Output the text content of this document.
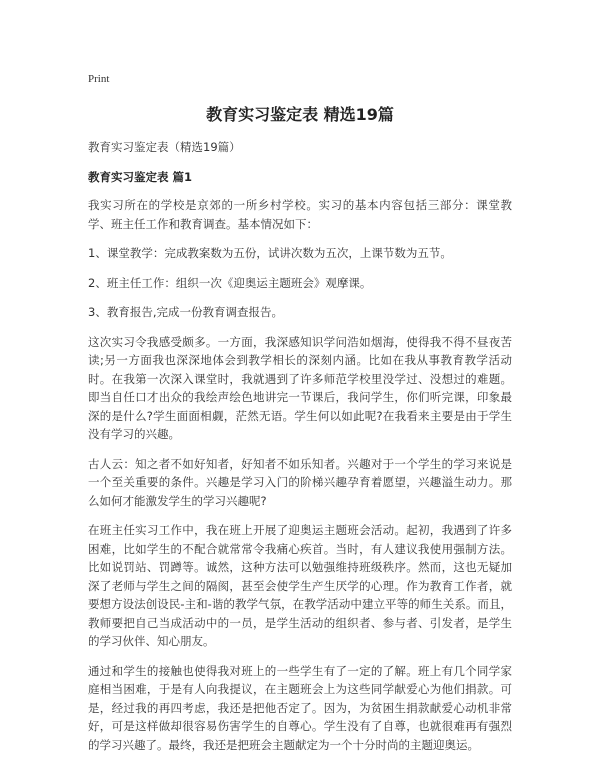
Print
教育实习鉴定表 精选19篇

教育实习鉴定表（精选19篇）

教育实习鉴定表 篇1

我实习所在的学校是京郊的一所乡村学校。实习的基本内容包括三部分：课堂教学、班主任工作和教育调查。基本情况如下：

1、课堂教学：完成教案数为五份，试讲次数为五次，上课节数为五节。

2、班主任工作：组织一次《迎奥运主题班会》观摩课。

3、教育报告,完成一份教育调查报告。

这次实习令我感受颇多。一方面，我深感知识学问浩如烟海，使得我不得不昼夜苦读;另一方面我也深深地体会到教学相长的深刻内涵。比如在我从事教育教学活动时。在我第一次深入课堂时，我就遇到了许多师范学校里没学过、没想过的难题。即当自任口才出众的我绘声绘色地讲完一节课后，我问学生，你们听完课，印象最深的是什么?学生面面相觑，茫然无语。学生何以如此呢?在我看来主要是由于学生没有学习的兴趣。

古人云：知之者不如好知者，好知者不如乐知者。兴趣对于一个学生的学习来说是一个至关重要的条件。兴趣是学习入门的阶梯兴趣孕育着愿望，兴趣溢生动力。那么如何才能激发学生的学习兴趣呢?

在班主任实习工作中，我在班上开展了迎奥运主题班会活动。起初，我遇到了许多困难，比如学生的不配合就常常令我痛心疾首。当时，有人建议我使用强制方法。比如说罚站、罚蹲等。诚然，这种方法可以勉强维持班级秩序。然而，这也无疑加深了老师与学生之间的隔阂，甚至会使学生产生厌学的心理。作为教育工作者，就要想方设法创设民-主和-谐的教学气氛，在教学活动中建立平等的师生关系。而且，教师要把自己当成活动中的一员，是学生活动的组织者、参与者、引发者，是学生的学习伙伴、知心朋友。

通过和学生的接触也使得我对班上的一些学生有了一定的了解。班上有几个同学家庭相当困难，于是有人向我提议，在主题班会上为这些同学献爱心为他们捐款。可是，经过我的再四考虑，我还是把他否定了。因为，为贫困生捐款献爱心动机非常好，可是这样做却很容易伤害学生的自尊心。学生没有了自尊，也就很难再有强烈的学习兴趣了。最终，我还是把班会主题献定为一个十分时尚的主题迎奥运。
